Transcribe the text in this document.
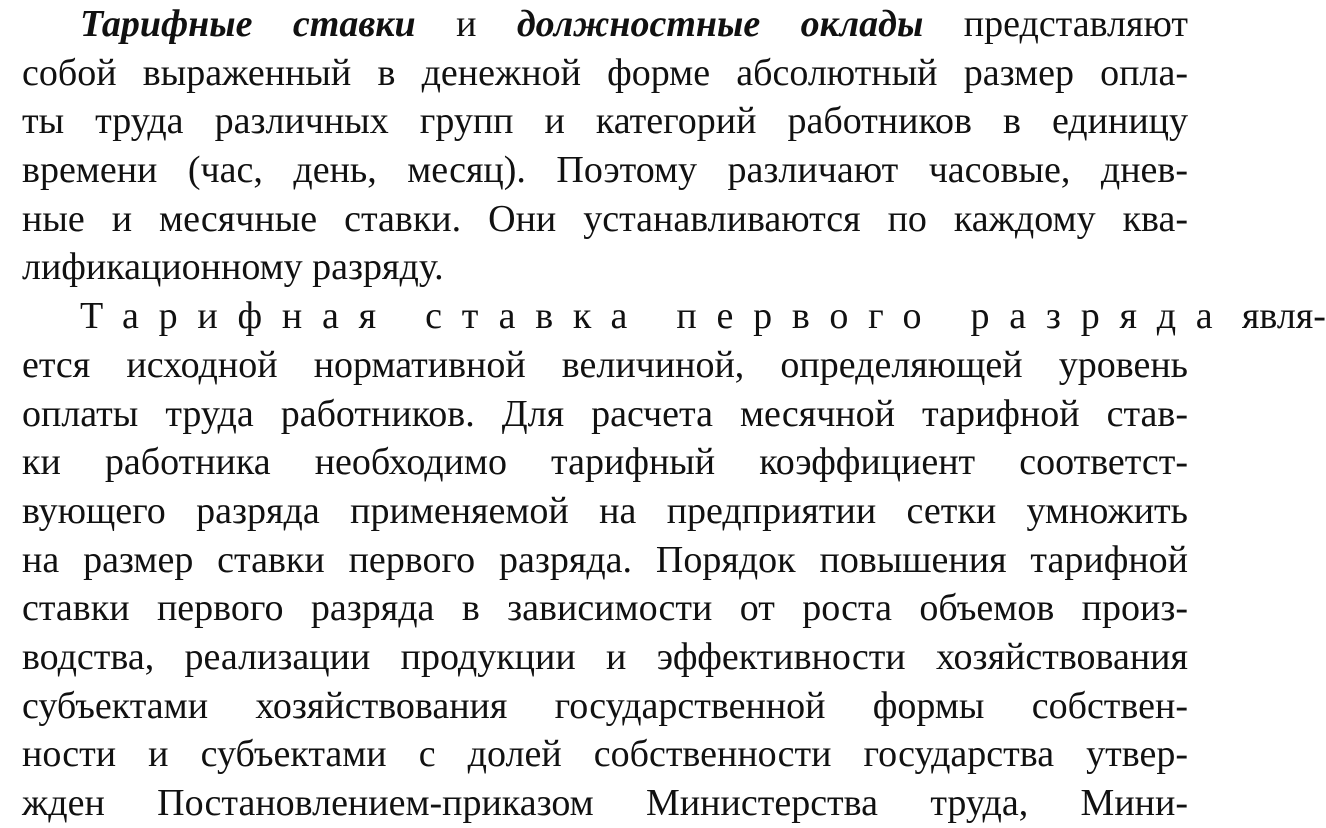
Тарифные ставки и должностные оклады представляют
собой выраженный в денежной форме абсолютный размер опла-
ты труда различных групп и категорий работников в единицу
времени (час, день, месяц). Поэтому различают часовые, днев-
ные и месячные ставки. Они устанавливаются по каждому ква-
лификационному разряду.
Тарифная ставка первого разряда явля-
ется исходной нормативной величиной, определяющей уровень
оплаты труда работников. Для расчета месячной тарифной став-
ки работника необходимо тарифный коэффициент соответст-
вующего разряда применяемой на предприятии сетки умножить
на размер ставки первого разряда. Порядок повышения тарифной
ставки первого разряда в зависимости от роста объемов произ-
водства, реализации продукции и эффективности хозяйствования
субъектами хозяйствования государственной формы собствен-
ности и субъектами с долей собственности государства утвер-
жден Постановлением-приказом Министерства труда, Мини-
